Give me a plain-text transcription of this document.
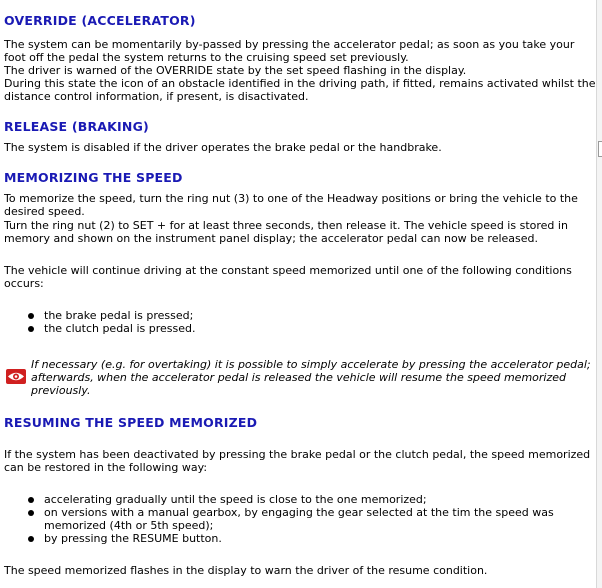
OVERRIDE (ACCELERATOR)
The system can be momentarily by-passed by pressing the accelerator pedal; as soon as you take your
foot off the pedal the system returns to the cruising speed set previously.
The driver is warned of the OVERRIDE state by the set speed flashing in the display.
During this state the icon of an obstacle identified in the driving path, if fitted, remains activated whilst the
distance control information, if present, is disactivated.
RELEASE (BRAKING)
The system is disabled if the driver operates the brake pedal or the handbrake.
MEMORIZING THE SPEED
To memorize the speed, turn the ring nut (3) to one of the Headway positions or bring the vehicle to the
desired speed.
Turn the ring nut (2) to SET + for at least three seconds, then release it. The vehicle speed is stored in
memory and shown on the instrument panel display; the accelerator pedal can now be released.
The vehicle will continue driving at the constant speed memorized until one of the following conditions
occurs:
the brake pedal is pressed;
the clutch pedal is pressed.
If necessary (e.g. for overtaking) it is possible to simply accelerate by pressing the accelerator pedal;
afterwards, when the accelerator pedal is released the vehicle will resume the speed memorized
previously.
RESUMING THE SPEED MEMORIZED
If the system has been deactivated by pressing the brake pedal or the clutch pedal, the speed memorized
can be restored in the following way:
accelerating gradually until the speed is close to the one memorized;
on versions with a manual gearbox, by engaging the gear selected at the tim the speed was
memorized (4th or 5th speed);
by pressing the RESUME button.
The speed memorized flashes in the display to warn the driver of the resume condition.
